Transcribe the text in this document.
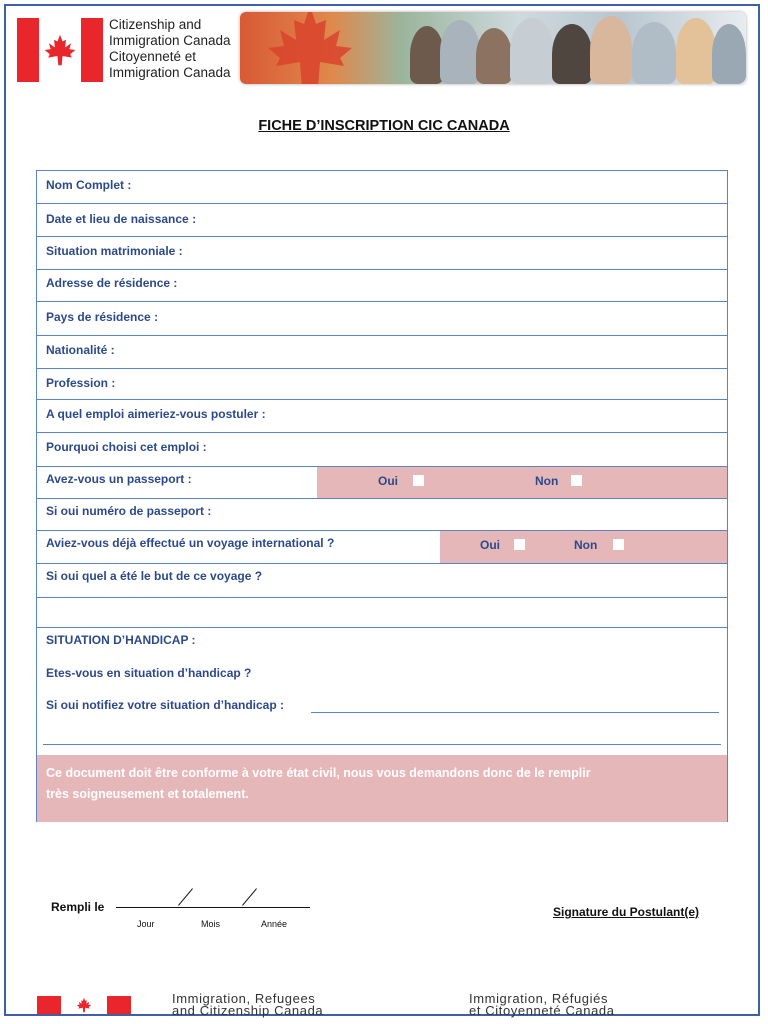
Citizenship and
Immigration Canada
Citoyenneté et
Immigration Canada
FICHE D’INSCRIPTION CIC CANADA
Nom Complet :
Date et lieu de naissance :
Situation matrimoniale :
Adresse de résidence :
Pays de résidence :
Nationalité :
Profession :
A quel emploi aimeriez-vous postuler :
Pourquoi choisi cet emploi :
Avez-vous un passeport :	Oui	Non
Si oui numéro de passeport :
Aviez-vous déjà effectué un voyage international ?	Oui	Non
Si oui quel a été le but de ce voyage ?
SITUATION D’HANDICAP :
Etes-vous en situation d’handicap ?
Si oui notifiez votre situation d’handicap :
Ce document doit être conforme à votre état civil, nous vous demandons donc de le remplir
très soigneusement et totalement.
Rempli le
Jour	Mois	Année
Signature du Postulant(e)
Immigration, Refugees
and Citizenship Canada
Immigration, Réfugiés
et Citoyenneté Canada
